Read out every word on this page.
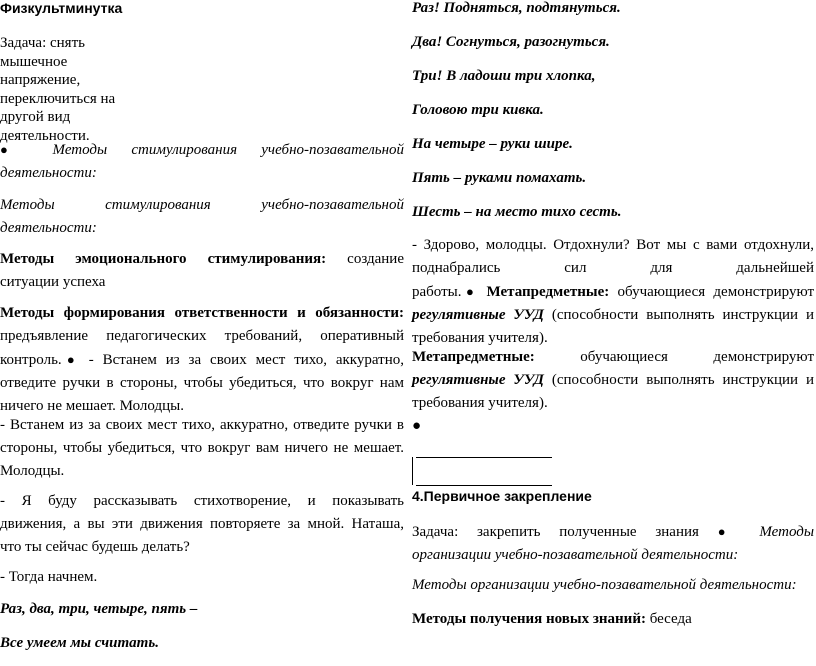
Физкультминутка

Задача: снять
мышечное
напряжение,
переключиться на
другой вид
деятельности.
● Методы стимулирования учебно-позавательной
деятельности:
Методы стимулирования учебно-позавательной
деятельности:
Методы эмоционального стимулирования: создание
ситуации успеха
Методы формирования ответственности и обязанности:
предъявление педагогических требований, оперативный
контроль.● - Встанем из за своих мест тихо, аккуратно,
отведите ручки в стороны, чтобы убедиться, что вокруг нам
ничего не мешает. Молодцы.
- Встанем из за своих мест тихо, аккуратно, отведите ручки в
стороны, чтобы убедиться, что вокруг вам ничего не мешает.
Молодцы.
- Я буду рассказывать стихотворение, и показывать
движения, а вы эти движения повторяете за мной. Наташа,
что ты сейчас будешь делать?

- Тогда начнем.

Раз, два, три, четыре, пять –

Все умеем мы считать.

Раз! Подняться, подтянуться.

Два! Согнуться, разогнуться.

Три! В ладоши три хлопка,

Головою три кивка.

На четыре – руки шире.

Пять – руками помахать.

Шесть – на место тихо сесть.

- Здорово, молодцы. Отдохнули? Вот мы с вами отдохнули,
поднабрались сил для дальнейшей
работы.● Метапредметные: обучающиеся демонстрируют
регулятивные УУД (способности выполнять инструкции и
требования учителя).
Метапредметные:	обучающиеся демонстрируют
регулятивные УУД (способности выполнять инструкции и
требования учителя).

●

4.Первичное закрепление

Задача: закрепить полученные знания ● Методы
организации учебно-позавательной деятельности:

Методы организации учебно-позавательной деятельности:

Методы получения новых знаний: беседа
